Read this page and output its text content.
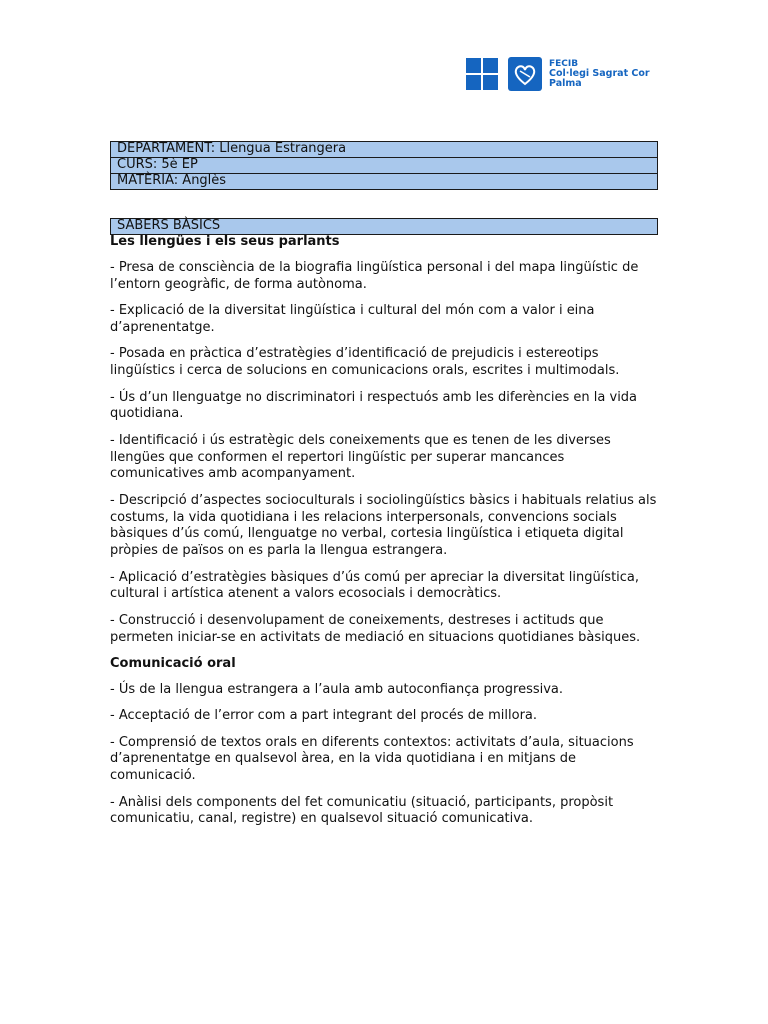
FECIB
Col·legi Sagrat Cor
Palma
DEPARTAMENT: Llengua Estrangera
CURS: 5è EP
MATÈRIA: Anglès
SABERS BÀSICS
Les llengües i els seus parlants

- Presa de consciència de la biografia lingüística personal i del mapa lingüístic de l’entorn geogràfic, de forma autònoma.

- Explicació de la diversitat lingüística i cultural del món com a valor i eina d’aprenentatge.

- Posada en pràctica d’estratègies d’identificació de prejudicis i estereotips lingüístics i cerca de solucions en comunicacions orals, escrites i multimodals.

- Ús d’un llenguatge no discriminatori i respectuós amb les diferències en la vida quotidiana.

- Identificació i ús estratègic dels coneixements que es tenen de les diverses llengües que conformen el repertori lingüístic per superar mancances comunicatives amb acompanyament.

- Descripció d’aspectes socioculturals i sociolingüístics bàsics i habituals relatius als costums, la vida quotidiana i les relacions interpersonals, convencions socials bàsiques d’ús comú, llenguatge no verbal, cortesia lingüística i etiqueta digital pròpies de països on es parla la llengua estrangera.

- Aplicació d’estratègies bàsiques d’ús comú per apreciar la diversitat lingüística, cultural i artística atenent a valors ecosocials i democràtics.

- Construcció i desenvolupament de coneixements, destreses i actituds que permeten iniciar-se en activitats de mediació en situacions quotidianes bàsiques.

Comunicació oral

- Ús de la llengua estrangera a l’aula amb autoconfiança progressiva.

- Acceptació de l’error com a part integrant del procés de millora.

- Comprensió de textos orals en diferents contextos: activitats d’aula, situacions d’aprenentatge en qualsevol àrea, en la vida quotidiana i en mitjans de comunicació.

- Anàlisi dels components del fet comunicatiu (situació, participants, propòsit comunicatiu, canal, registre) en qualsevol situació comunicativa.
